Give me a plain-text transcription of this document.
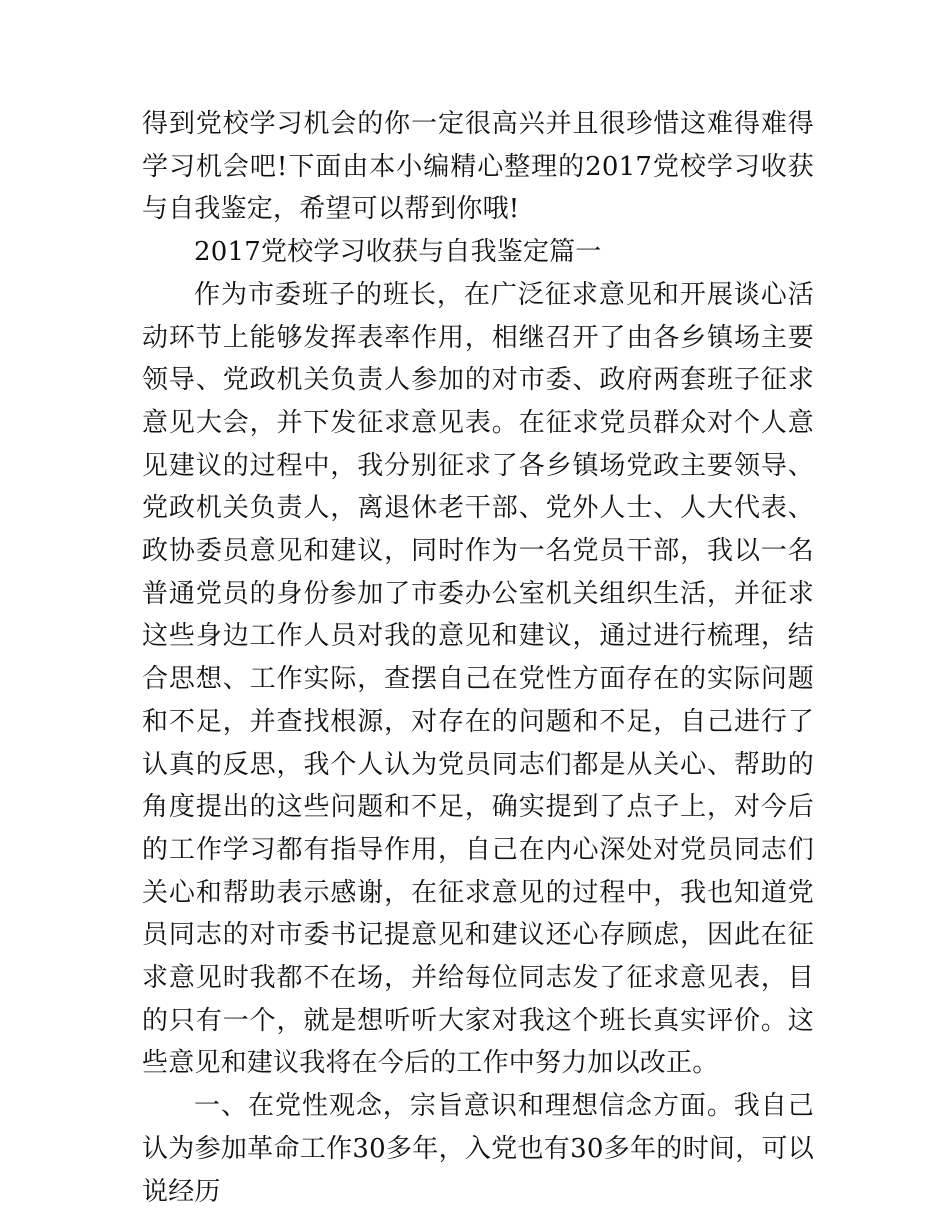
得到党校学习机会的你一定很高兴并且很珍惜这难得难得学习机会吧!下面由本小编精心整理的2017党校学习收获与自我鉴定，希望可以帮到你哦!

2017党校学习收获与自我鉴定篇一

作为市委班子的班长，在广泛征求意见和开展谈心活动环节上能够发挥表率作用，相继召开了由各乡镇场主要领导、党政机关负责人参加的对市委、政府两套班子征求意见大会，并下发征求意见表。在征求党员群众对个人意见建议的过程中，我分别征求了各乡镇场党政主要领导、党政机关负责人，离退休老干部、党外人士、人大代表、政协委员意见和建议，同时作为一名党员干部，我以一名普通党员的身份参加了市委办公室机关组织生活，并征求这些身边工作人员对我的意见和建议，通过进行梳理，结合思想、工作实际，查摆自己在党性方面存在的实际问题和不足，并查找根源，对存在的问题和不足，自己进行了认真的反思，我个人认为党员同志们都是从关心、帮助的角度提出的这些问题和不足，确实提到了点子上，对今后的工作学习都有指导作用，自己在内心深处对党员同志们关心和帮助表示感谢，在征求意见的过程中，我也知道党员同志的对市委书记提意见和建议还心存顾虑，因此在征求意见时我都不在场，并给每位同志发了征求意见表，目的只有一个，就是想听听大家对我这个班长真实评价。这些意见和建议我将在今后的工作中努力加以改正。

一、在党性观念，宗旨意识和理想信念方面。我自己认为参加革命工作30多年，入党也有30多年的时间，可以说经历
